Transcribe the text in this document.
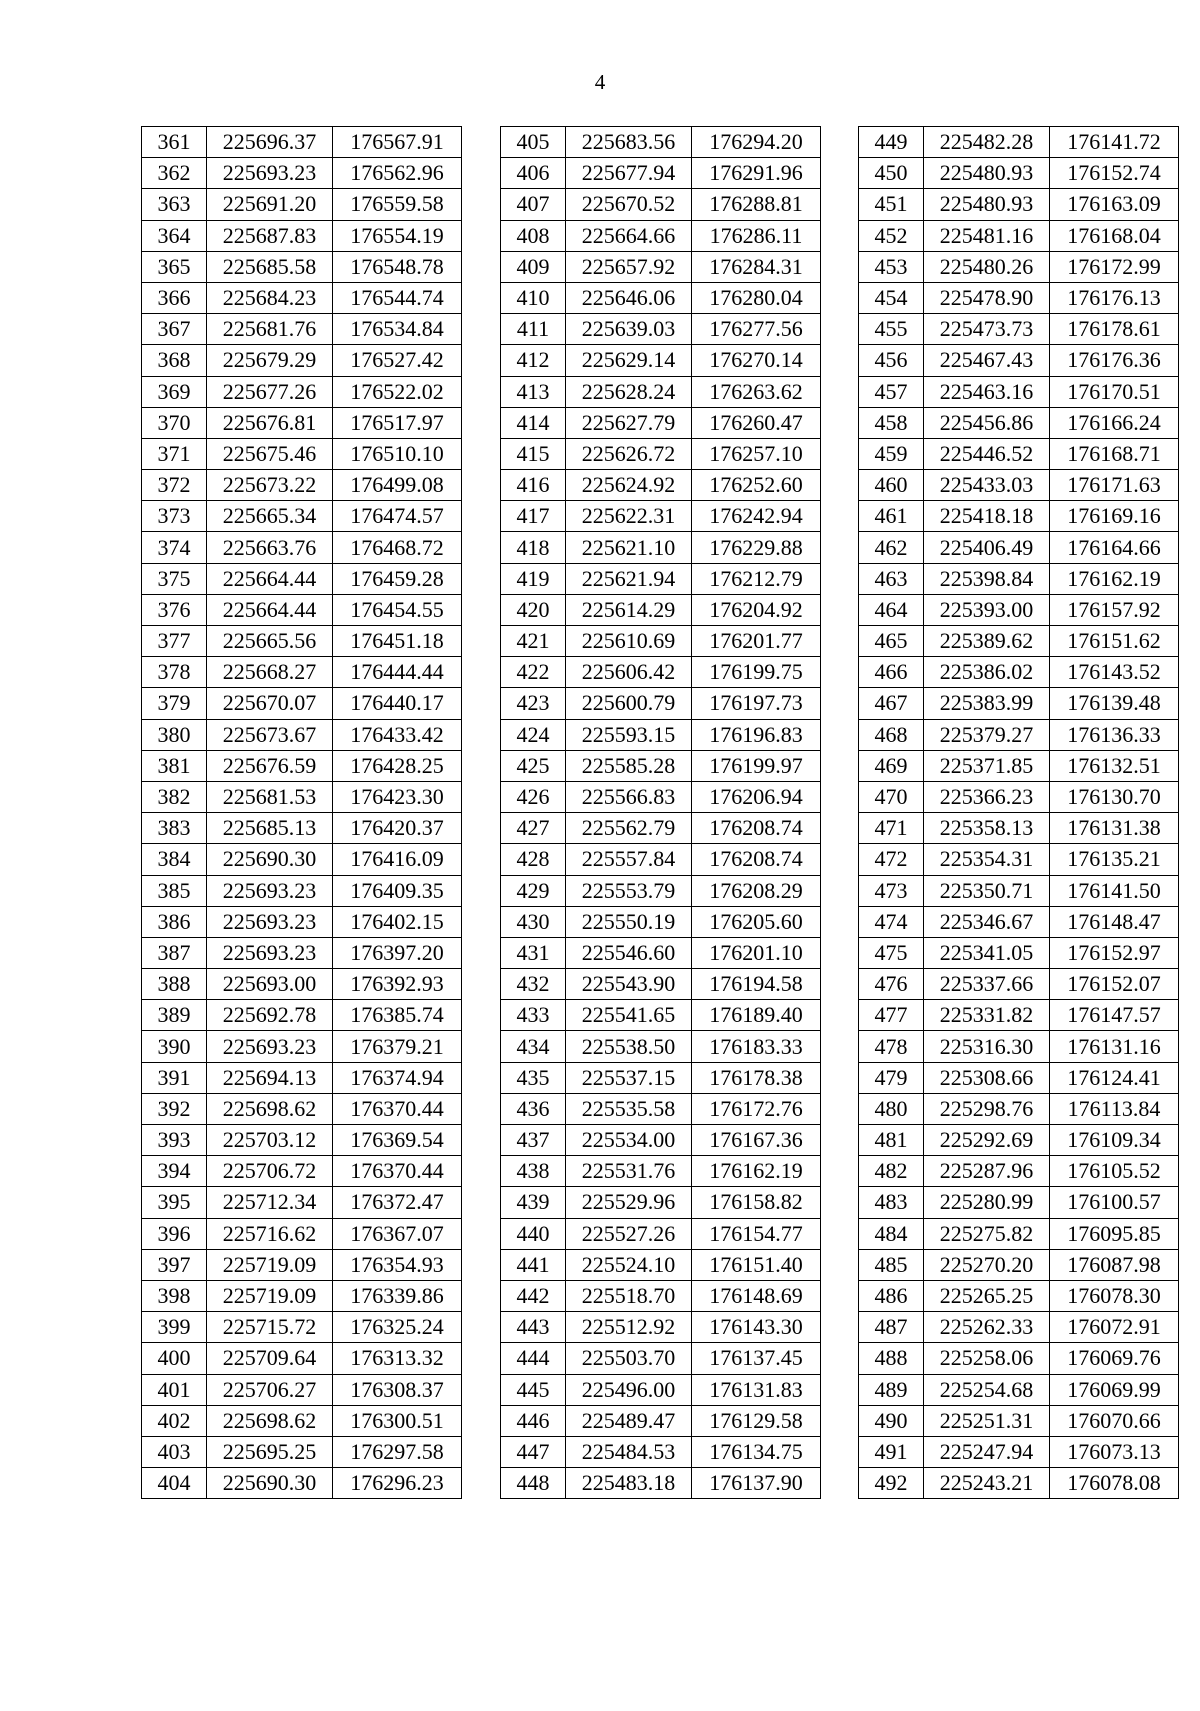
4
361	225696.37	176567.91
362	225693.23	176562.96
363	225691.20	176559.58
364	225687.83	176554.19
365	225685.58	176548.78
366	225684.23	176544.74
367	225681.76	176534.84
368	225679.29	176527.42
369	225677.26	176522.02
370	225676.81	176517.97
371	225675.46	176510.10
372	225673.22	176499.08
373	225665.34	176474.57
374	225663.76	176468.72
375	225664.44	176459.28
376	225664.44	176454.55
377	225665.56	176451.18
378	225668.27	176444.44
379	225670.07	176440.17
380	225673.67	176433.42
381	225676.59	176428.25
382	225681.53	176423.30
383	225685.13	176420.37
384	225690.30	176416.09
385	225693.23	176409.35
386	225693.23	176402.15
387	225693.23	176397.20
388	225693.00	176392.93
389	225692.78	176385.74
390	225693.23	176379.21
391	225694.13	176374.94
392	225698.62	176370.44
393	225703.12	176369.54
394	225706.72	176370.44
395	225712.34	176372.47
396	225716.62	176367.07
397	225719.09	176354.93
398	225719.09	176339.86
399	225715.72	176325.24
400	225709.64	176313.32
401	225706.27	176308.37
402	225698.62	176300.51
403	225695.25	176297.58
404	225690.30	176296.23
405	225683.56	176294.20
406	225677.94	176291.96
407	225670.52	176288.81
408	225664.66	176286.11
409	225657.92	176284.31
410	225646.06	176280.04
411	225639.03	176277.56
412	225629.14	176270.14
413	225628.24	176263.62
414	225627.79	176260.47
415	225626.72	176257.10
416	225624.92	176252.60
417	225622.31	176242.94
418	225621.10	176229.88
419	225621.94	176212.79
420	225614.29	176204.92
421	225610.69	176201.77
422	225606.42	176199.75
423	225600.79	176197.73
424	225593.15	176196.83
425	225585.28	176199.97
426	225566.83	176206.94
427	225562.79	176208.74
428	225557.84	176208.74
429	225553.79	176208.29
430	225550.19	176205.60
431	225546.60	176201.10
432	225543.90	176194.58
433	225541.65	176189.40
434	225538.50	176183.33
435	225537.15	176178.38
436	225535.58	176172.76
437	225534.00	176167.36
438	225531.76	176162.19
439	225529.96	176158.82
440	225527.26	176154.77
441	225524.10	176151.40
442	225518.70	176148.69
443	225512.92	176143.30
444	225503.70	176137.45
445	225496.00	176131.83
446	225489.47	176129.58
447	225484.53	176134.75
448	225483.18	176137.90
449	225482.28	176141.72
450	225480.93	176152.74
451	225480.93	176163.09
452	225481.16	176168.04
453	225480.26	176172.99
454	225478.90	176176.13
455	225473.73	176178.61
456	225467.43	176176.36
457	225463.16	176170.51
458	225456.86	176166.24
459	225446.52	176168.71
460	225433.03	176171.63
461	225418.18	176169.16
462	225406.49	176164.66
463	225398.84	176162.19
464	225393.00	176157.92
465	225389.62	176151.62
466	225386.02	176143.52
467	225383.99	176139.48
468	225379.27	176136.33
469	225371.85	176132.51
470	225366.23	176130.70
471	225358.13	176131.38
472	225354.31	176135.21
473	225350.71	176141.50
474	225346.67	176148.47
475	225341.05	176152.97
476	225337.66	176152.07
477	225331.82	176147.57
478	225316.30	176131.16
479	225308.66	176124.41
480	225298.76	176113.84
481	225292.69	176109.34
482	225287.96	176105.52
483	225280.99	176100.57
484	225275.82	176095.85
485	225270.20	176087.98
486	225265.25	176078.30
487	225262.33	176072.91
488	225258.06	176069.76
489	225254.68	176069.99
490	225251.31	176070.66
491	225247.94	176073.13
492	225243.21	176078.08
